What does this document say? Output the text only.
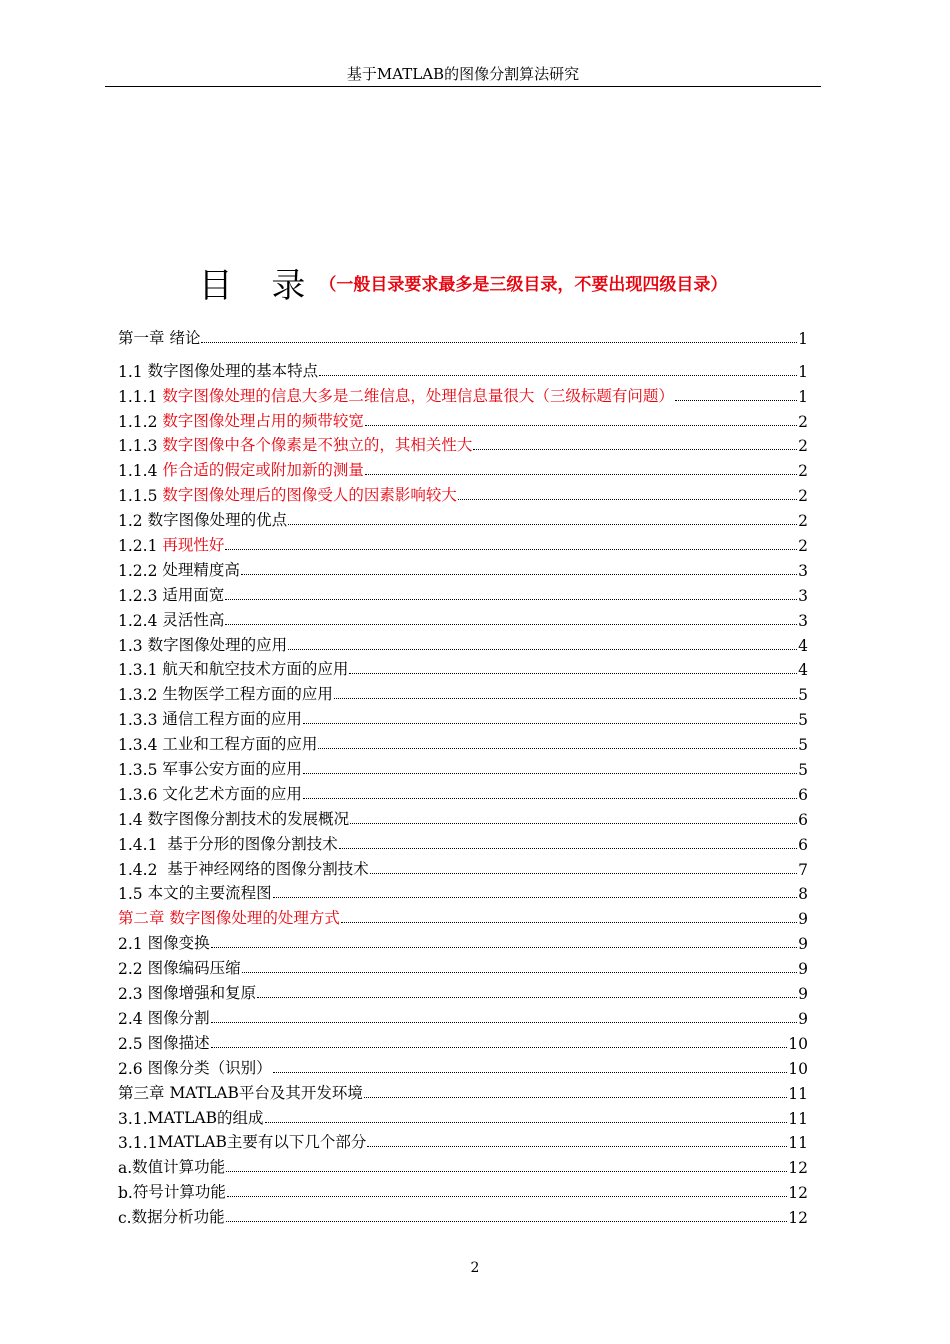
基于MATLAB的图像分割算法研究
目 录（一般目录要求最多是三级目录，不要出现四级目录）
第一章 绪论	1
1.1 数字图像处理的基本特点	1
1.1.1 数字图像处理的信息大多是二维信息，处理信息量很大（三级标题有问题）	1
1.1.2 数字图像处理占用的频带较宽	2
1.1.3 数字图像中各个像素是不独立的，其相关性大	2
1.1.4 作合适的假定或附加新的测量	2
1.1.5 数字图像处理后的图像受人的因素影响较大	2
1.2 数字图像处理的优点	2
1.2.1 再现性好	2
1.2.2 处理精度高	3
1.2.3 适用面宽	3
1.2.4 灵活性高	3
1.3 数字图像处理的应用	4
1.3.1 航天和航空技术方面的应用	4
1.3.2 生物医学工程方面的应用	5
1.3.3 通信工程方面的应用	5
1.3.4 工业和工程方面的应用	5
1.3.5 军事公安方面的应用	5
1.3.6 文化艺术方面的应用	6
1.4 数字图像分割技术的发展概况	6
1.4.1 基于分形的图像分割技术	6
1.4.2 基于神经网络的图像分割技术	7
1.5 本文的主要流程图	8
第二章 数字图像处理的处理方式	9
2.1 图像变换	9
2.2 图像编码压缩	9
2.3 图像增强和复原	9
2.4 图像分割	9
2.5 图像描述	10
2.6 图像分类（识别）	10
第三章 MATLAB平台及其开发环境	11
3.1. MATLAB的组成	11
3.1.1 MATLAB主要有以下几个部分	11
a. 数值计算功能	12
b. 符号计算功能	12
c. 数据分析功能	12
2
